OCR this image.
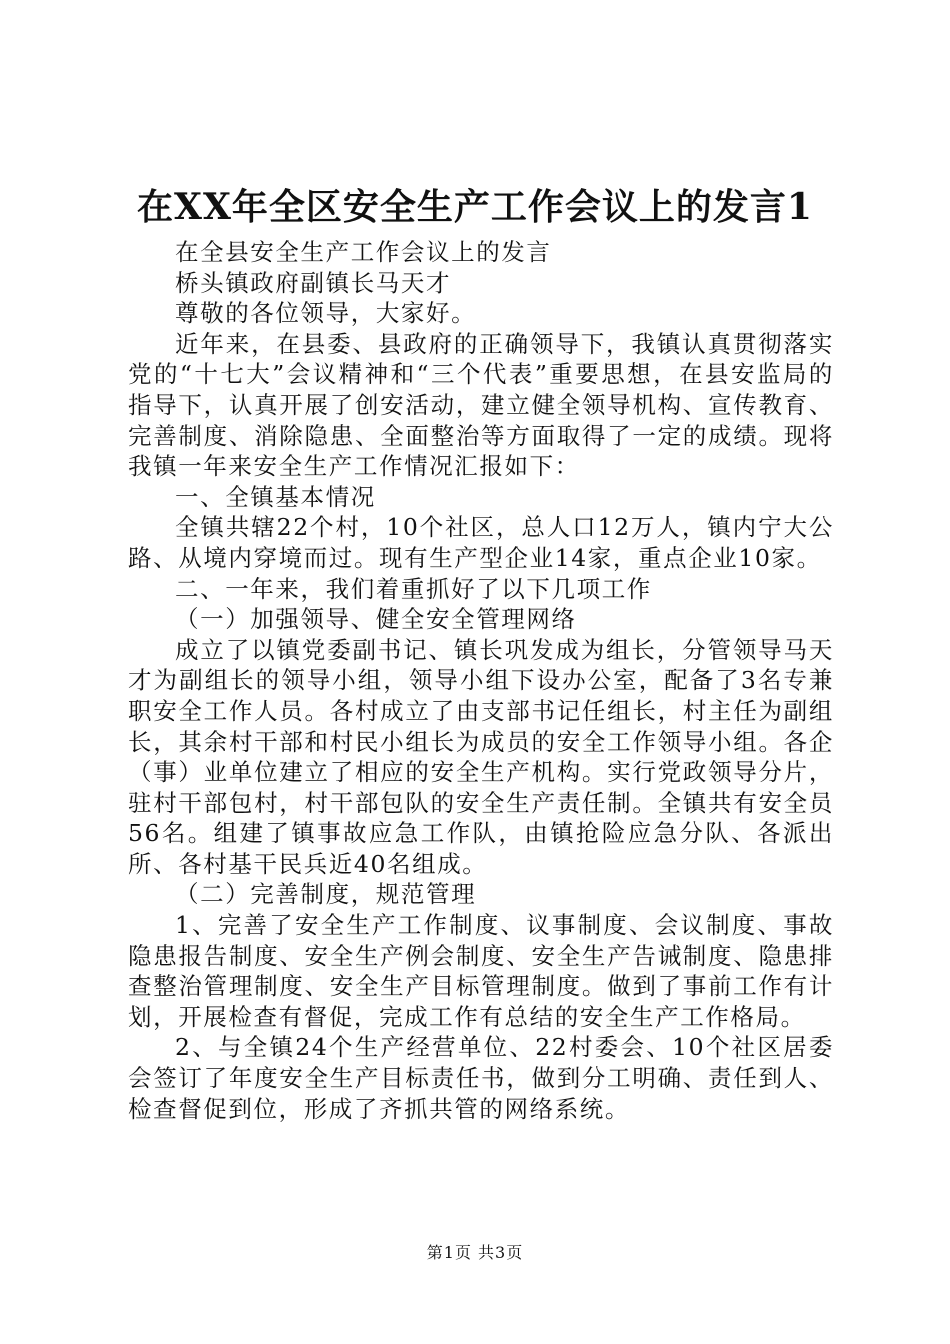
在XX年全区安全生产工作会议上的发言1

在全县安全生产工作会议上的发言

桥头镇政府副镇长马天才

尊敬的各位领导，大家好。

近年来，在县委、县政府的正确领导下，我镇认真贯彻落实党的“十七大”会议精神和“三个代表”重要思想，在县安监局的指导下，认真开展了创安活动，建立健全领导机构、宣传教育、完善制度、消除隐患、全面整治等方面取得了一定的成绩。现将我镇一年来安全生产工作情况汇报如下：

一、全镇基本情况

全镇共辖22个村，10个社区，总人口12万人，镇内宁大公路、从境内穿境而过。现有生产型企业14家，重点企业10家。

二、一年来，我们着重抓好了以下几项工作

（一）加强领导、健全安全管理网络

成立了以镇党委副书记、镇长巩发成为组长，分管领导马天才为副组长的领导小组，领导小组下设办公室，配备了3名专兼职安全工作人员。各村成立了由支部书记任组长，村主任为副组长，其余村干部和村民小组长为成员的安全工作领导小组。各企（事）业单位建立了相应的安全生产机构。实行党政领导分片，驻村干部包村，村干部包队的安全生产责任制。全镇共有安全员56名。组建了镇事故应急工作队，由镇抢险应急分队、各派出所、各村基干民兵近40名组成。

（二）完善制度，规范管理

1、完善了安全生产工作制度、议事制度、会议制度、事故隐患报告制度、安全生产例会制度、安全生产告诫制度、隐患排查整治管理制度、安全生产目标管理制度。做到了事前工作有计划，开展检查有督促，完成工作有总结的安全生产工作格局。

2、与全镇24个生产经营单位、22村委会、10个社区居委会签订了年度安全生产目标责任书，做到分工明确、责任到人、检查督促到位，形成了齐抓共管的网络系统。

第1页 共3页
